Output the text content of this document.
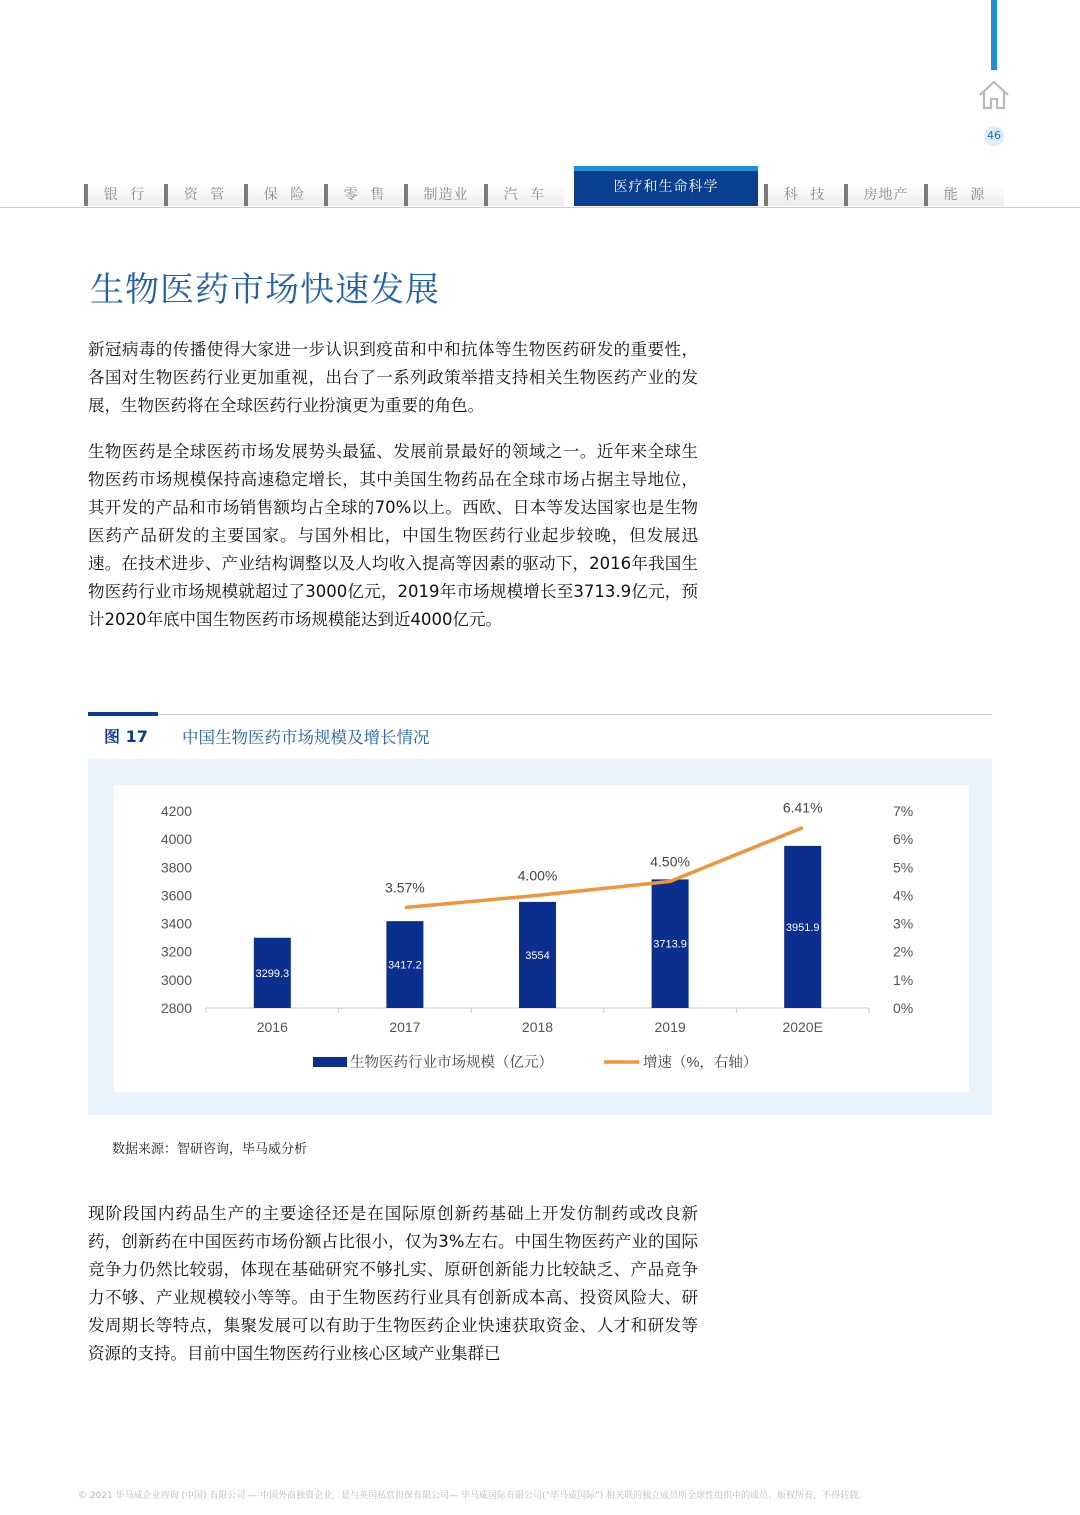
46
银 行	资 管	保 险	零 售	制造业	汽 车	医疗和生命科学	科 技	房地产	能 源
生物医药市场快速发展

新冠病毒的传播使得大家进一步认识到疫苗和中和抗体等生物医药研发的重要性，各国对生物医药行业更加重视，出台了一系列政策举措支持相关生物医药产业的发展，生物医药将在全球医药行业扮演更为重要的角色。

生物医药是全球医药市场发展势头最猛、发展前景最好的领域之一。近年来全球生物医药市场规模保持高速稳定增长，其中美国生物药品在全球市场占据主导地位，其开发的产品和市场销售额均占全球的70%以上。西欧、日本等发达国家也是生物医药产品研发的主要国家。与国外相比，中国生物医药行业起步较晚，但发展迅速。在技术进步、产业结构调整以及人均收入提高等因素的驱动下，2016年我国生物医药行业市场规模就超过了3000亿元，2019年市场规模增长至3713.9亿元，预计2020年底中国生物医药市场规模能达到近4000亿元。

图 17 中国生物医药市场规模及增长情况
2800
3000
3200
3400
3600
3800
4000
4200
0%
1%
2%
3%
4%
5%
6%
7%
2016	2017	2018	2019	2020E
3299.3
3417.2
3554
3713.9
3951.9
3.57%
4.00%
4.50%
6.41%
生物医药行业市场规模（亿元）	增速（%，右轴）
数据来源：智研咨询，毕马威分析

现阶段国内药品生产的主要途径还是在国际原创新药基础上开发仿制药或改良新药，创新药在中国医药市场份额占比很小，仅为3%左右。中国生物医药产业的国际竞争力仍然比较弱，体现在基础研究不够扎实、原研创新能力比较缺乏、产品竞争力不够、产业规模较小等等。由于生物医药行业具有创新成本高、投资风险大、研发周期长等特点，集聚发展可以有助于生物医药企业快速获取资金、人才和研发等资源的支持。目前中国生物医药行业核心区域产业集群已

© 2021 毕马威企业咨询 (中国) 有限公司 — 中国外商独资企业，是与英国私营担保有限公司— 毕马威国际有限公司(“毕马威国际”) 相关联的独立成员所全球性组织中的成员。版权所有，不得转载。
